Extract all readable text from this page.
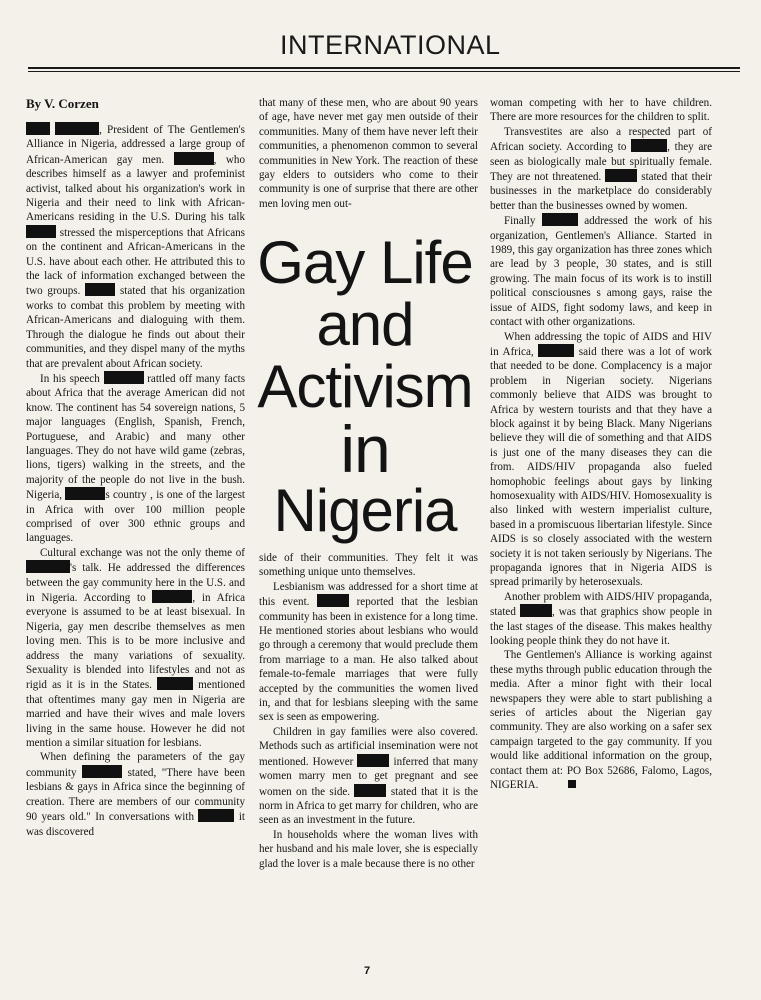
INTERNATIONAL
By V. Corzen

, President of The Gentlemen's Alliance in Nigeria, addressed a large group of African-American gay men.	, who describes himself as a lawyer and profeminist activist, talked about his organization's work in Nigeria and their need to link with African-Americans residing in the U.S. During his talk  stressed the misperceptions that Africans on the continent and African-Americans in the U.S. have about each other. He attributed this to the lack of information exchanged between the two groups.	stated that his organization works to combat this problem by meeting with African-Americans and dialoguing with them. Through the dialogue he finds out about their communities, and they dispel many of the myths that are prevalent about African society.

In his speech	rattled off many facts about Africa that the average American did not know. The continent has 54 sovereign nations, 5 major languages (English, Spanish, French, Portuguese, and Arabic) and many other languages. They do not have wild game (zebras, lions, tigers) walking in the streets, and the majority of the people do not live in the bush. Nigeria,	s country , is one of the largest in Africa with over 100 million people comprised of over 300 ethnic groups and languages.

Cultural exchange was not the only theme of 's talk. He addressed the differences between the gay community here in the U.S. and in Nigeria. According to	, in Africa everyone is assumed to be at least bisexual. In Nigeria, gay men describe themselves as men loving men. This is to be more inclusive and address the many variations of sexuality. Sexuality is blended into lifestyles and not as rigid as it is in the States.	mentioned that oftentimes many gay men in Nigeria are married and have their wives and male lovers living in the same house. However he did not mention a similar situation for lesbians.

When defining the parameters of the gay community	stated, "There have been lesbians & gays in Africa since the beginning of creation. There are members of our community 90 years old." In conversations with	it was discovered

that many of these men, who are about 90 years of age, have never met gay men outside of their communities. Many of them have never left their communities, a phenomenon common to several communities in New York. The reaction of these gay elders to outsiders who come to their community is one of surprise that there are other men loving men out-

Gay Life
and
Activism
in
Nigeria

side of their communities. They felt it was something unique unto themselves.

Lesbianism was addressed for a short time at this event.	reported that the lesbian community has been in existence for a long time. He mentioned stories about lesbians who would go through a ceremony that would preclude them from marriage to a man. He also talked about female-to-female marriages that were fully accepted by the communities the women lived in, and that for lesbians sleeping with the same sex is seen as empowering.

Children in gay families were also covered. Methods such as artificial insemination were not mentioned. However	inferred that many women marry men to get pregnant and see women on the side.	stated that it is the norm in Africa to get marry for children, who are seen as an investment in the future.

In households where the woman lives with her husband and his male lover, she is especially glad the lover is a male because there is no other

woman competing with her to have children. There are more resources for the children to split.

Transvestites are also a respected part of African society. According to	, they are seen as biologically male but spiritually female. They are not threatened.	stated that their businesses in the marketplace do considerably better than the businesses owned by women.

Finally	addressed the work of his organization, Gentlemen's Alliance. Started in 1989, this gay organization has three zones which are lead by 3 people, 30 states, and is still growing. The main focus of its work is to instill political consciousnes s among gays, raise the issue of AIDS, fight sodomy laws, and keep in contact with other organizations.

When addressing the topic of AIDS and HIV in Africa,	said there was a lot of work that needed to be done. Complacency is a major problem in Nigerian society. Nigerians commonly believe that AIDS was brought to Africa by western tourists and that they have a block against it by being Black. Many Nigerians believe they will die of something and that AIDS is just one of the many diseases they can die from. AIDS/HIV propaganda also fueled homophobic feelings about gays by linking homosexuality with AIDS/HIV. Homosexuality is also linked with western imperialist culture, based in a promiscuous libertarian lifestyle. Since AIDS is so closely associated with the western society it is not taken seriously by Nigerians. The propaganda ignores that in Nigeria AIDS is spread primarily by heterosexuals.

Another problem with AIDS/HIV propaganda, stated	, was that graphics show people in the last stages of the disease. This makes healthy looking people think they do not have it.

The Gentlemen's Alliance is working against these myths through public education through the media. After a minor fight with their local newspapers they were able to start publishing a series of articles about the Nigerian gay community. They are also working on a safer sex campaign targeted to the gay community. If you would like additional information on the group, contact them at: PO Box 52686, Falomo, Lagos, NIGERIA.

7
